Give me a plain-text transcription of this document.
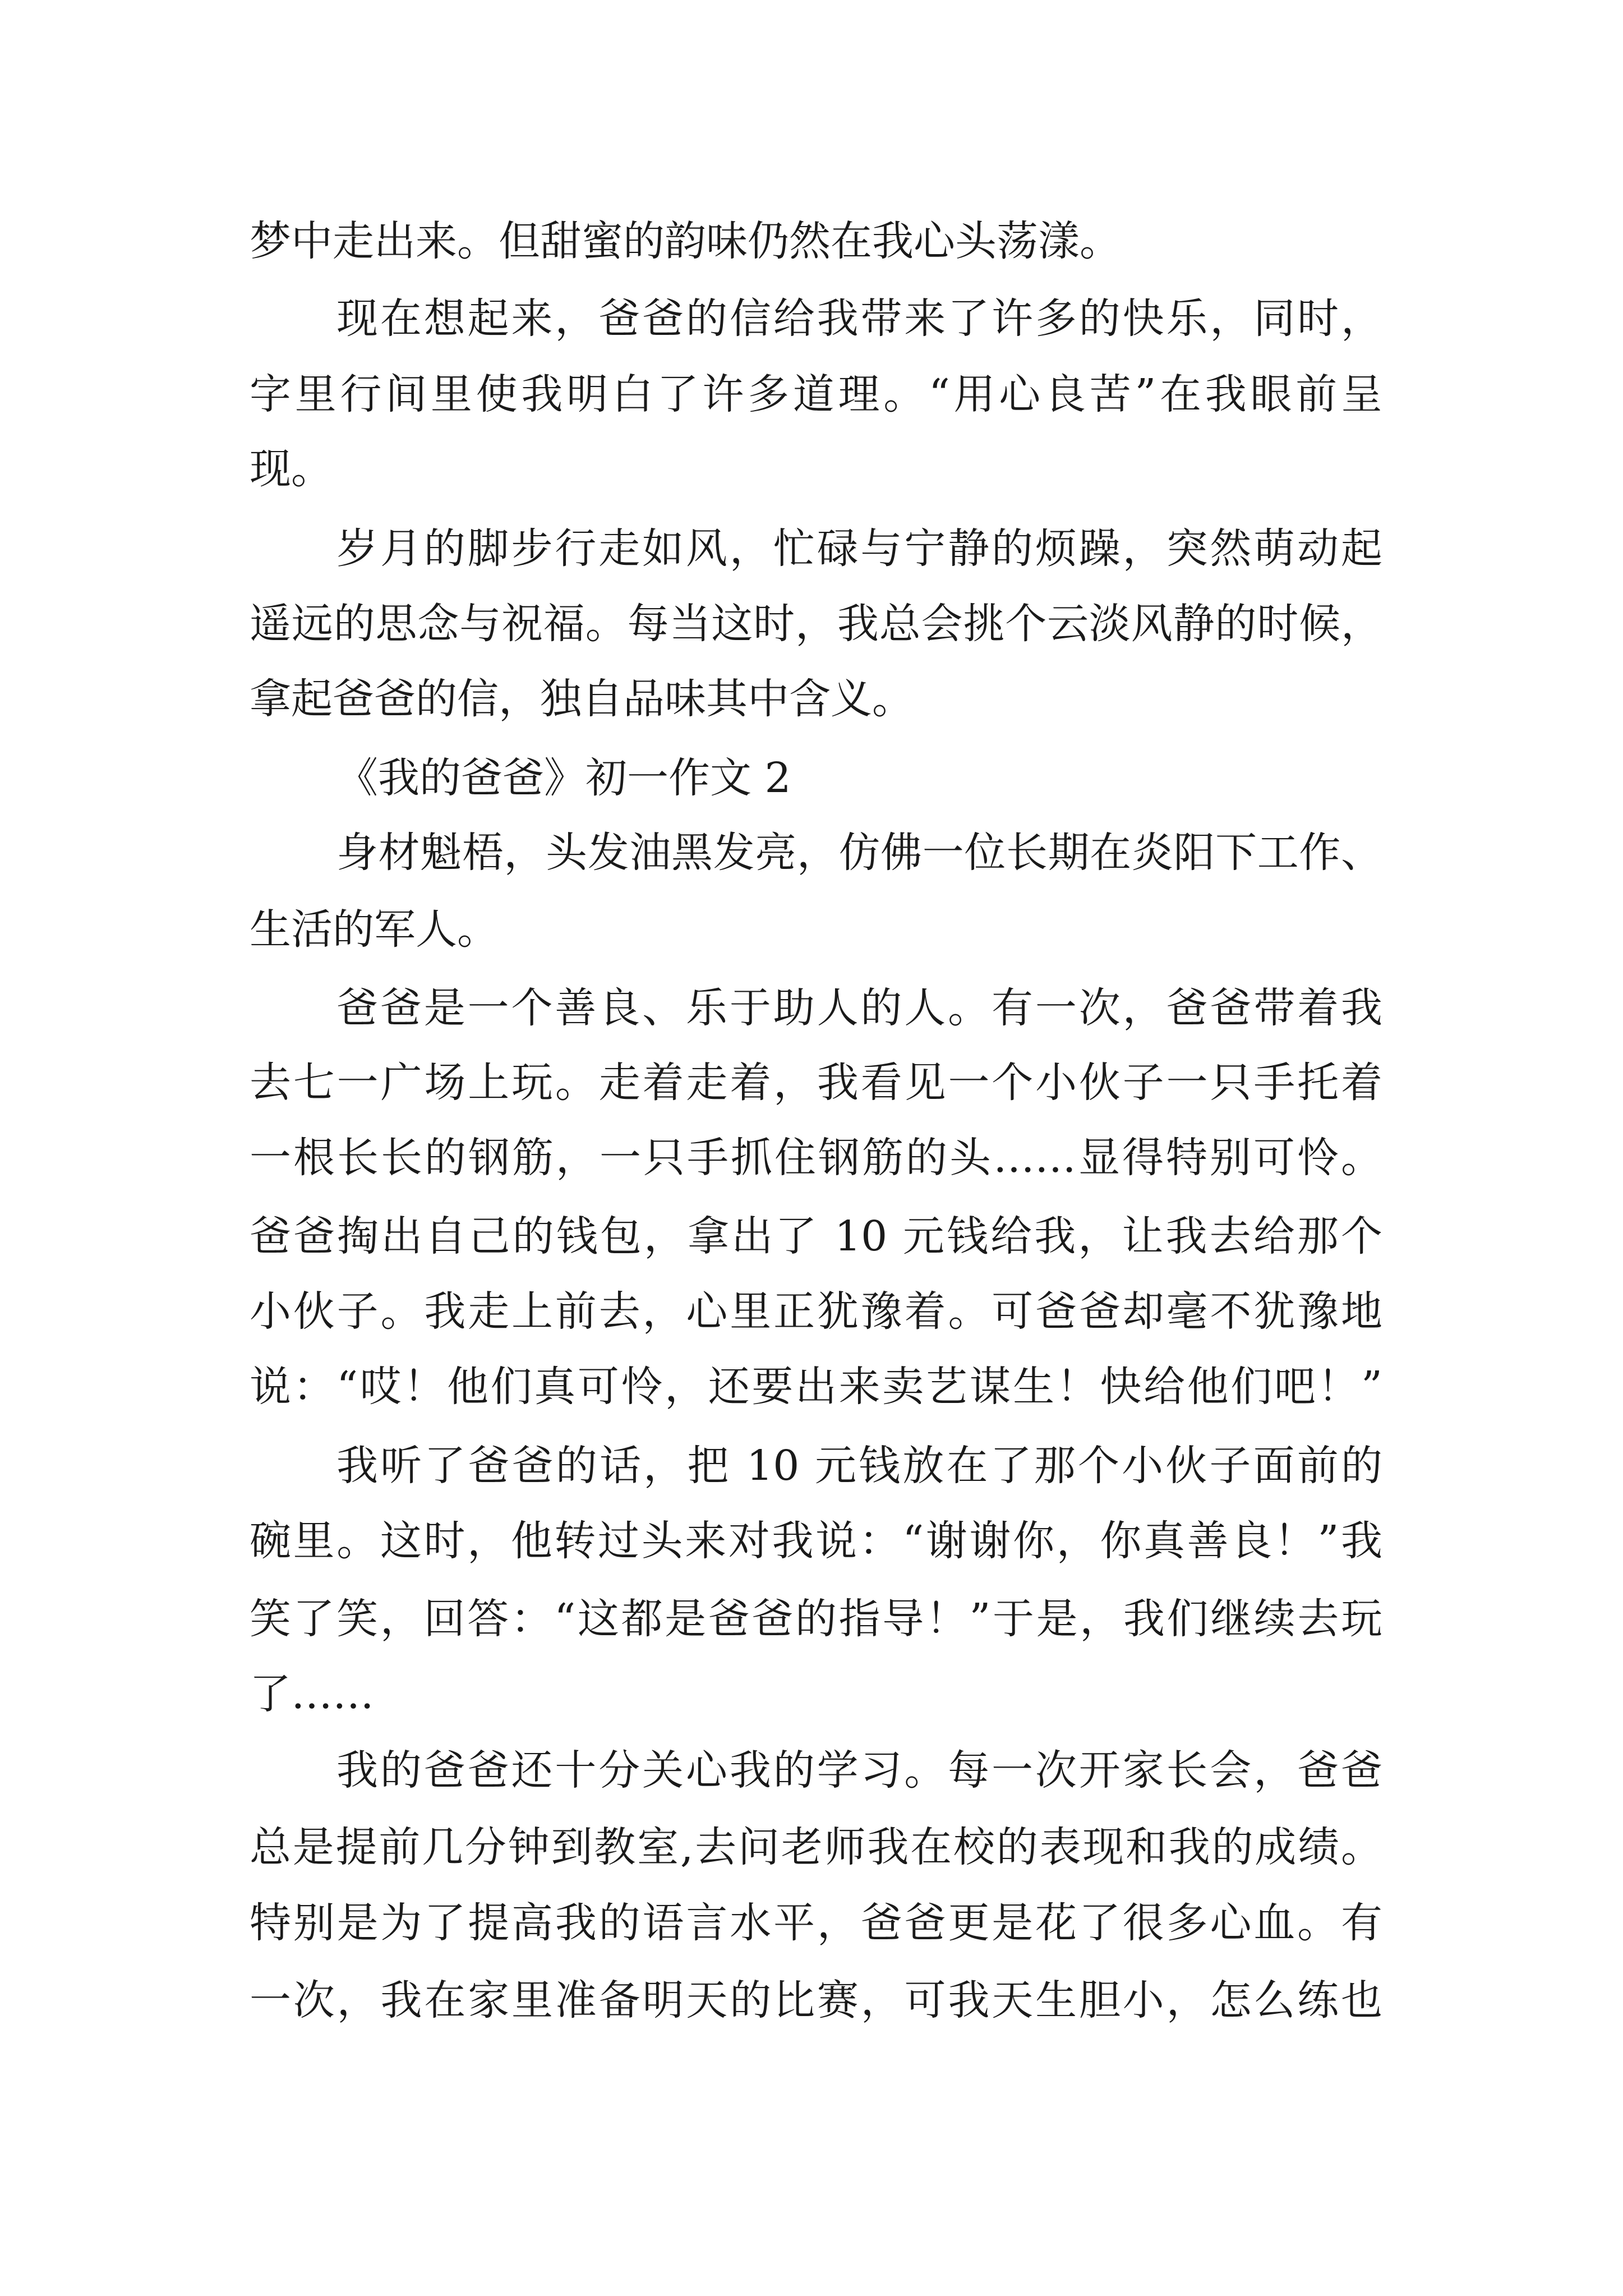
梦中走出来。但甜蜜的韵味仍然在我心头荡漾。
现在想起来，爸爸的信给我带来了许多的快乐，同时，
字里行间里使我明白了许多道理。“用心良苦”在我眼前呈
现。
岁月的脚步行走如风，忙碌与宁静的烦躁，突然萌动起
遥远的思念与祝福。每当这时，我总会挑个云淡风静的时候，
拿起爸爸的信，独自品味其中含义。
《我的爸爸》初一作文 2
身材魁梧，头发油黑发亮，仿佛一位长期在炎阳下工作、
生活的军人。
爸爸是一个善良、乐于助人的人。有一次，爸爸带着我
去七一广场上玩。走着走着，我看见一个小伙子一只手托着
一根长长的钢筋，一只手抓住钢筋的头……显得特别可怜。
爸爸掏出自己的钱包，拿出了 10 元钱给我，让我去给那个
小伙子。我走上前去，心里正犹豫着。可爸爸却毫不犹豫地
说：“哎！他们真可怜，还要出来卖艺谋生！快给他们吧！”
我听了爸爸的话，把 10 元钱放在了那个小伙子面前的
碗里。这时，他转过头来对我说：“谢谢你，你真善良！”我
笑了笑，回答：“这都是爸爸的指导！”于是，我们继续去玩
了……
我的爸爸还十分关心我的学习。每一次开家长会，爸爸
总是提前几分钟到教室,去问老师我在校的表现和我的成绩。
特别是为了提高我的语言水平，爸爸更是花了很多心血。有
一次，我在家里准备明天的比赛，可我天生胆小，怎么练也
